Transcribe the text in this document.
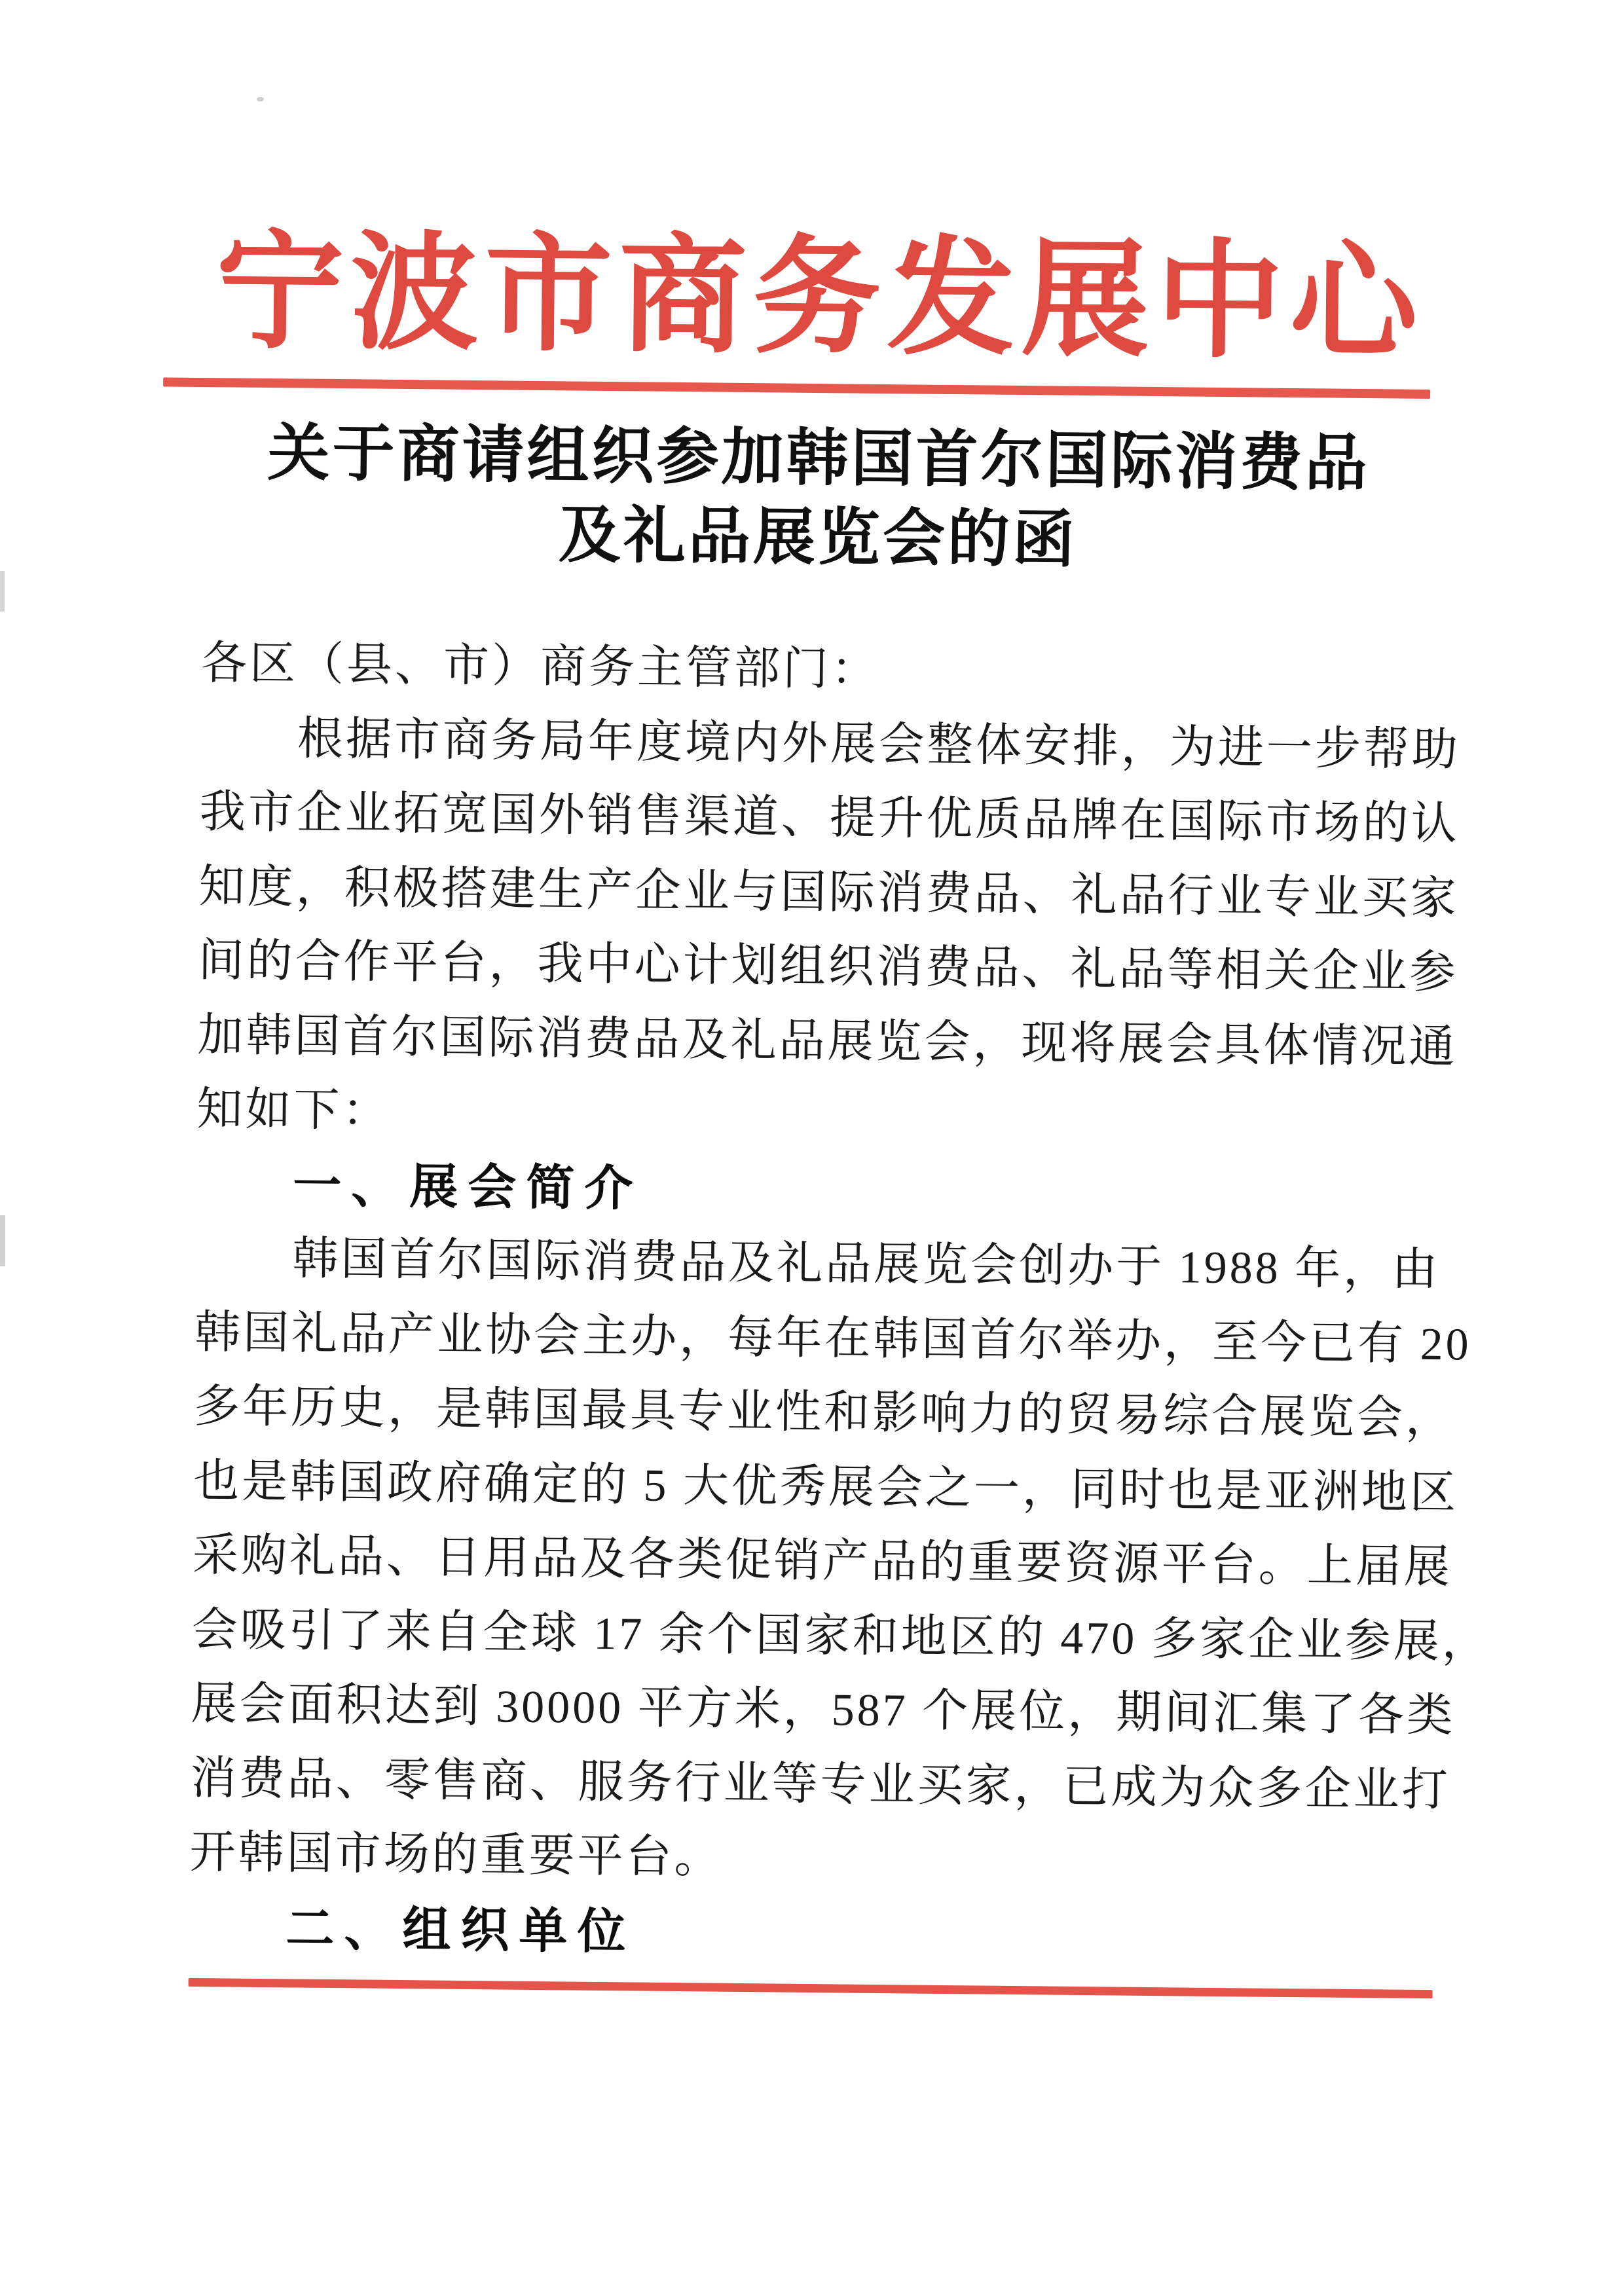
宁波市商务发展中心
关于商请组织参加韩国首尔国际消费品
及礼品展览会的函
各区（县、市）商务主管部门：
根据市商务局年度境内外展会整体安排，为进一步帮助
我市企业拓宽国外销售渠道、提升优质品牌在国际市场的认
知度，积极搭建生产企业与国际消费品、礼品行业专业买家
间的合作平台，我中心计划组织消费品、礼品等相关企业参
加韩国首尔国际消费品及礼品展览会，现将展会具体情况通
知如下：
一、展会简介
韩国首尔国际消费品及礼品展览会创办于 1988 年，由
韩国礼品产业协会主办，每年在韩国首尔举办，至今已有 20
多年历史，是韩国最具专业性和影响力的贸易综合展览会，
也是韩国政府确定的 5 大优秀展会之一，同时也是亚洲地区
采购礼品、日用品及各类促销产品的重要资源平台。上届展
会吸引了来自全球 17 余个国家和地区的 470 多家企业参展，
展会面积达到 30000 平方米，587 个展位，期间汇集了各类
消费品、零售商、服务行业等专业买家，已成为众多企业打
开韩国市场的重要平台。
二、组织单位
